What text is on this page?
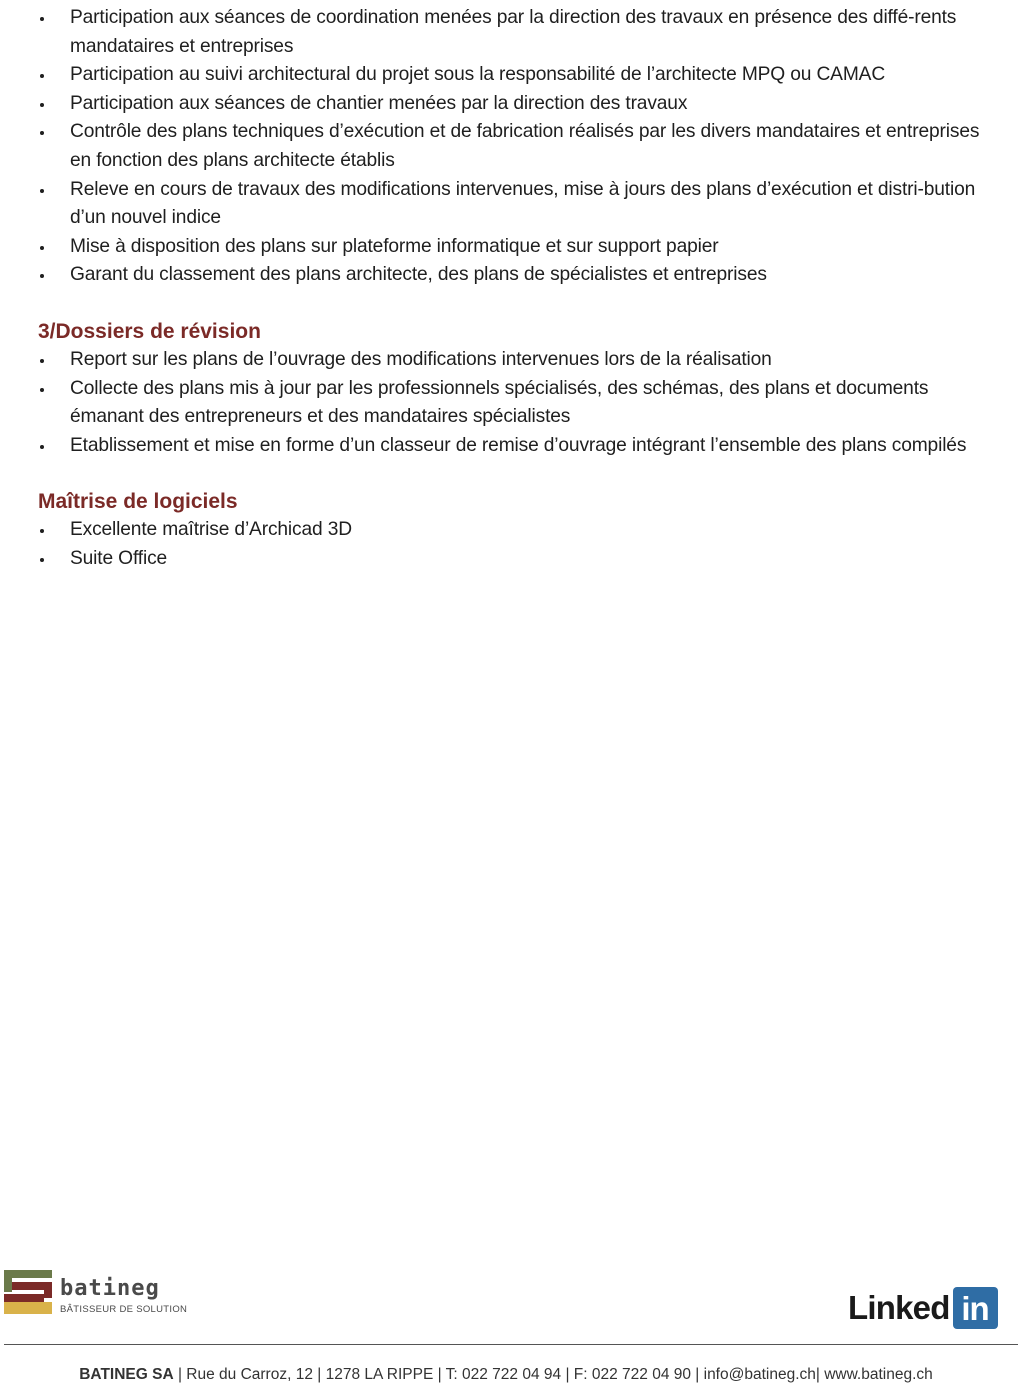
Participation aux séances de coordination menées par la direction des travaux en présence des diffé-rents mandataires et entreprises
Participation au suivi architectural du projet sous la responsabilité de l’architecte MPQ ou CAMAC
Participation aux séances de chantier menées par la direction des travaux
Contrôle des plans techniques d’exécution et de fabrication réalisés par les divers mandataires et entreprises en fonction des plans architecte établis
Releve en cours de travaux des modifications intervenues, mise à jours des plans d’exécution et distri-bution d’un nouvel indice
Mise à disposition des plans sur plateforme informatique et sur support papier
Garant du classement des plans architecte, des plans de spécialistes et entreprises
3/Dossiers de révision
Report sur les plans de l’ouvrage des modifications intervenues lors de la réalisation
Collecte des plans mis à jour par les professionnels spécialisés, des schémas, des plans et documents émanant des entrepreneurs et des mandataires spécialistes
Etablissement et mise en forme d’un classeur de remise d’ouvrage intégrant l’ensemble des plans compilés
Maîtrise de logiciels
Excellente maîtrise d’Archicad 3D
Suite Office
batineg
BÂTISSEUR DE SOLUTION	Linked in
BATINEG SA | Rue du Carroz, 12 | 1278 LA RIPPE | T: 022 722 04 94 | F: 022 722 04 90 | info@batineg.ch| www.batineg.ch
